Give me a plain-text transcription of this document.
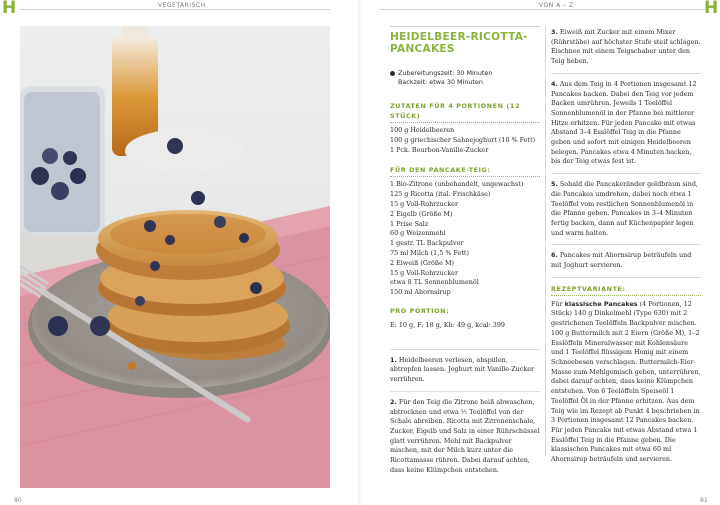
H	VEGETARISCH
80
VON A – Z	H
81
HEIDELBEER-RICOTTA-
PANCAKES
Zubereitungszeit: 30 Minuten
Backzeit: etwa 30 Minuten
ZUTATEN FÜR 4 PORTIONEN (12 STÜCK)
100 g Heidelbeeren
100 g griechischer Sahnejoghurt (10 % Fett)
1 Pck. Bourbon-Vanille-Zucker
FÜR DEN PANCAKE-TEIG:
1 Bio-Zitrone (unbehandelt, ungewachst)
125 g Ricotta (ital. Frischkäse)
15 g Voll-Rohrzucker
2 Eigelb (Größe M)
1 Prise Salz
60 g Weizenmehl
1 gestr. TL Backpulver
75 ml Milch (1,5 % Fett)
2 Eiweiß (Größe M)
15 g Voll-Rohrzucker
etwa 8 TL Sonnenblumenöl
150 ml Ahornsirup
PRO PORTION:
E: 10 g, F: 18 g, Kh: 49 g, kcal: 399
1. Heidelbeeren verlesen, abspülen, abtropfen lassen. Joghurt mit Vanille-Zucker verrühren.
2. Für den Teig die Zitrone heiß abwaschen, abtrocknen und etwa ½ Teelöffel von der Schale abreiben. Ricotta mit Zitronenschale, Zucker, Eigelb und Salz in einer Rührschüssel glatt verrühren. Mehl mit Backpulver mischen, mit der Milch kurz unter die Ricottamasse rühren. Dabei darauf achten, dass keine Klümpchen entstehen.
3. Eiweiß mit Zucker mit einem Mixer (Rührstäbe) auf höchster Stufe steif schlagen. Eischnee mit einem Teigschaber unter den Teig heben.
4. Aus dem Teig in 4 Portionen insgesamt 12 Pancakes backen. Dabei den Teig vor jedem Backen umrühren. Jeweils 1 Teelöffel Sonnenblumenöl in der Pfanne bei mittlerer Hitze erhitzen. Für jeden Pancake mit etwas Abstand 3–4 Esslöffel Teig in die Pfanne geben und sofort mit einigen Heidelbeeren belegen. Pancakes etwa 4 Minuten backen, bis der Teig etwas fest ist.
5. Sobald die Pancakeränder goldbraun sind, die Pancakes umdrehen, dabei noch etwa 1 Teelöffel vom restlichen Sonnenblumenöl in die Pfanne geben. Pancakes in 3–4 Minuten fertig backen, dann auf Küchenpapier legen und warm halten.
6. Pancakes mit Ahornsirup beträufeln und mit Joghurt servieren.
REZEPTVARIANTE:
Für klassische Pancakes (4 Portionen, 12 Stück) 140 g Dinkelmehl (Type 630) mit 2 gestrichenen Teelöffeln Backpulver mischen. 100 g Buttermilch mit 2 Eiern (Größe M), 1–2 Esslöffeln Mineralwasser mit Kohlensäure und 1 Teelöffel flüssigem Honig mit einem Schneebesen verschlagen. Buttermilch-Eier-Masse zum Mehlgemisch geben, unterrühren, dabei darauf achten, dass keine Klümpchen entstehen. Von 6 Teelöffeln Speiseöl 1 Teelöffel Öl in der Pfanne erhitzen. Aus dem Teig wie im Rezept ab Punkt 4 beschrieben in 3 Portionen insgesamt 12 Pancakes backen. Für jeden Pancake mit etwas Abstand etwa 1 Esslöffel Teig in die Pfanne geben. Die klassischen Pancakes mit etwa 60 ml Ahornsirup beträufeln und servieren.
